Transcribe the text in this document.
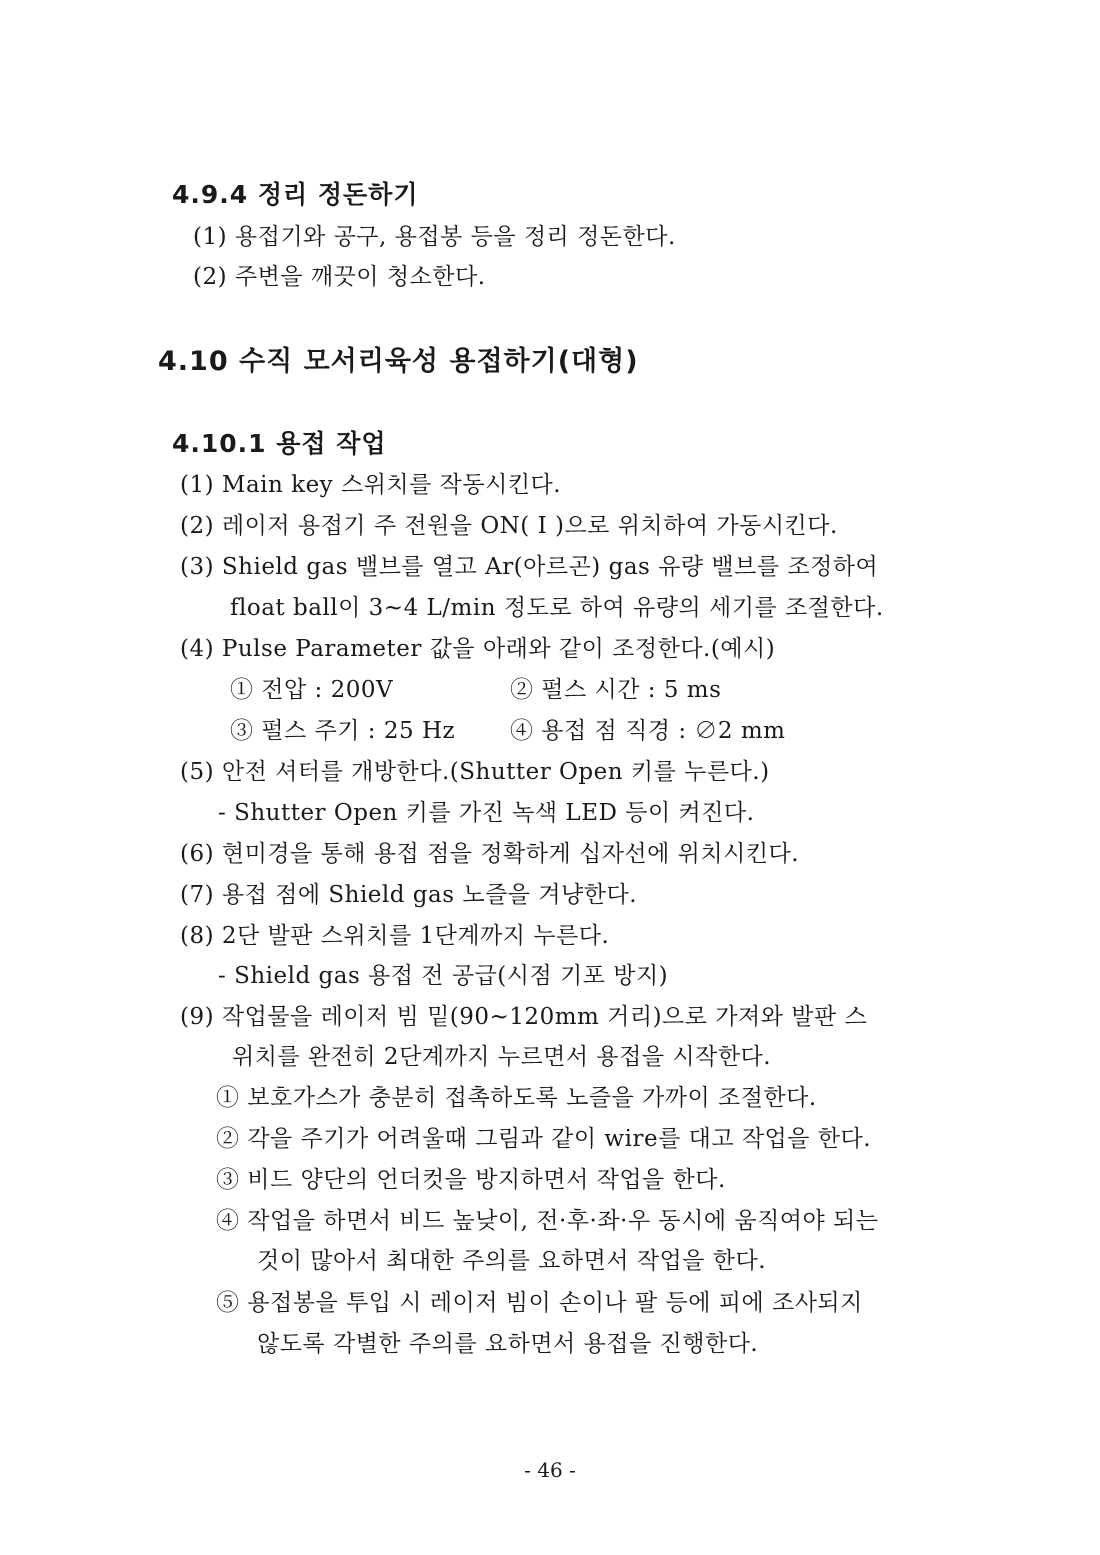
4.9.4 정리 정돈하기
(1) 용접기와 공구, 용접봉 등을 정리 정돈한다.
(2) 주변을 깨끗이 청소한다.
4.10 수직 모서리육성 용접하기(대형)
4.10.1 용접 작업
(1) Main key 스위치를 작동시킨다.
(2) 레이저 용접기 주 전원을 ON( I )으로 위치하여 가동시킨다.
(3) Shield gas 밸브를 열고 Ar(아르곤) gas 유량 밸브를 조정하여
float ball이 3~4 L/min 정도로 하여 유량의 세기를 조절한다.
(4) Pulse Parameter 값을 아래와 같이 조정한다.(예시)
① 전압 : 200V	② 펄스 시간 : 5 ms
③ 펄스 주기 : 25 Hz ④ 용접 점 직경 : ∅2 mm
(5) 안전 셔터를 개방한다.(Shutter Open 키를 누른다.)
- Shutter Open 키를 가진 녹색 LED 등이 켜진다.
(6) 현미경을 통해 용접 점을 정확하게 십자선에 위치시킨다.
(7) 용접 점에 Shield gas 노즐을 겨냥한다.
(8) 2단 발판 스위치를 1단계까지 누른다.
- Shield gas 용접 전 공급(시점 기포 방지)
(9) 작업물을 레이저 빔 밑(90~120mm 거리)으로 가져와 발판 스
위치를 완전히 2단계까지 누르면서 용접을 시작한다.
① 보호가스가 충분히 접촉하도록 노즐을 가까이 조절한다.
② 각을 주기가 어려울때 그림과 같이 wire를 대고 작업을 한다.
③ 비드 양단의 언더컷을 방지하면서 작업을 한다.
④ 작업을 하면서 비드 높낮이, 전·후·좌·우 동시에 움직여야 되는
것이 많아서 최대한 주의를 요하면서 작업을 한다.
⑤ 용접봉을 투입 시 레이저 빔이 손이나 팔 등에 피에 조사되지
않도록 각별한 주의를 요하면서 용접을 진행한다.
- 46 -
